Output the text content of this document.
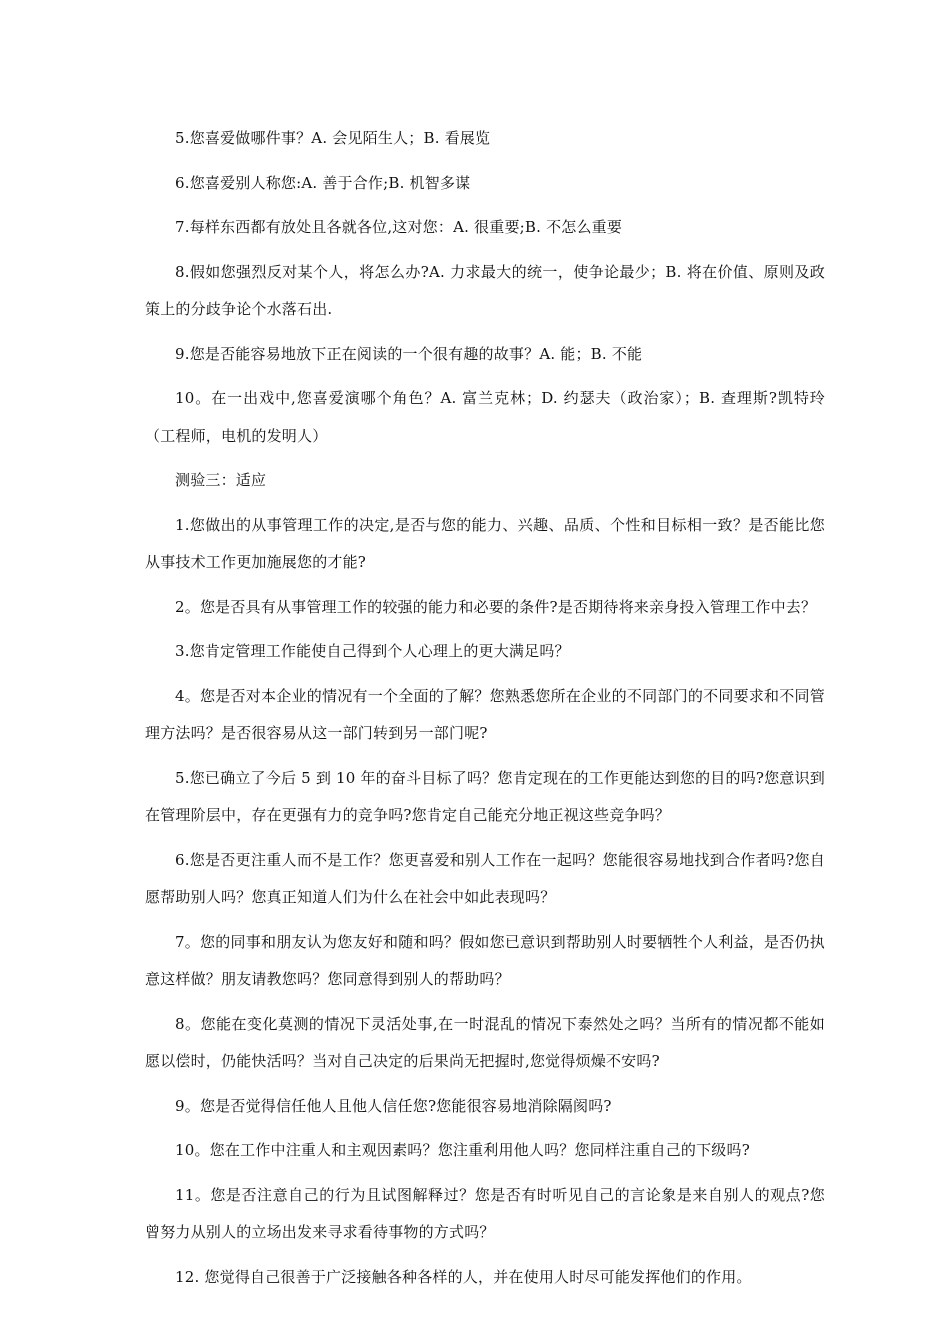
5.您喜爱做哪件事？A. 会见陌生人；B. 看展览

6.您喜爱别人称您:A. 善于合作;B. 机智多谋

7.每样东西都有放处且各就各位,这对您：A. 很重要;B. 不怎么重要

8.假如您强烈反对某个人，将怎么办?A. 力求最大的统一，使争论最少；B. 将在价值、原则及政策上的分歧争论个水落石出.

9.您是否能容易地放下正在阅读的一个很有趣的故事？A. 能；B. 不能

10。在一出戏中,您喜爱演哪个角色？A. 富兰克林；D. 约瑟夫（政治家）；B. 查理斯?凯特玲（工程师，电机的发明人）

测验三：适应

1.您做出的从事管理工作的决定,是否与您的能力、兴趣、品质、个性和目标相一致？是否能比您从事技术工作更加施展您的才能?

2。您是否具有从事管理工作的较强的能力和必要的条件?是否期待将来亲身投入管理工作中去？

3.您肯定管理工作能使自己得到个人心理上的更大满足吗？

4。您是否对本企业的情况有一个全面的了解？您熟悉您所在企业的不同部门的不同要求和不同管理方法吗？是否很容易从这一部门转到另一部门呢?

5.您已确立了今后 5 到 10 年的奋斗目标了吗？您肯定现在的工作更能达到您的目的吗?您意识到在管理阶层中，存在更强有力的竞争吗?您肯定自己能充分地正视这些竞争吗？

6.您是否更注重人而不是工作？您更喜爱和别人工作在一起吗？您能很容易地找到合作者吗?您自愿帮助别人吗？您真正知道人们为什么在社会中如此表现吗？

7。您的同事和朋友认为您友好和随和吗？假如您已意识到帮助别人时要牺牲个人利益，是否仍执意这样做？朋友请教您吗？您同意得到别人的帮助吗？

8。您能在变化莫测的情况下灵活处事,在一时混乱的情况下泰然处之吗？当所有的情况都不能如愿以偿时，仍能快活吗？当对自己决定的后果尚无把握时,您觉得烦燥不安吗?

9。您是否觉得信任他人且他人信任您?您能很容易地消除隔阂吗?

10。您在工作中注重人和主观因素吗？您注重利用他人吗？您同样注重自己的下级吗?

11。您是否注意自己的行为且试图解释过？您是否有时听见自己的言论象是来自别人的观点?您曾努力从别人的立场出发来寻求看待事物的方式吗？

12. 您觉得自己很善于广泛接触各种各样的人，并在使用人时尽可能发挥他们的作用。
